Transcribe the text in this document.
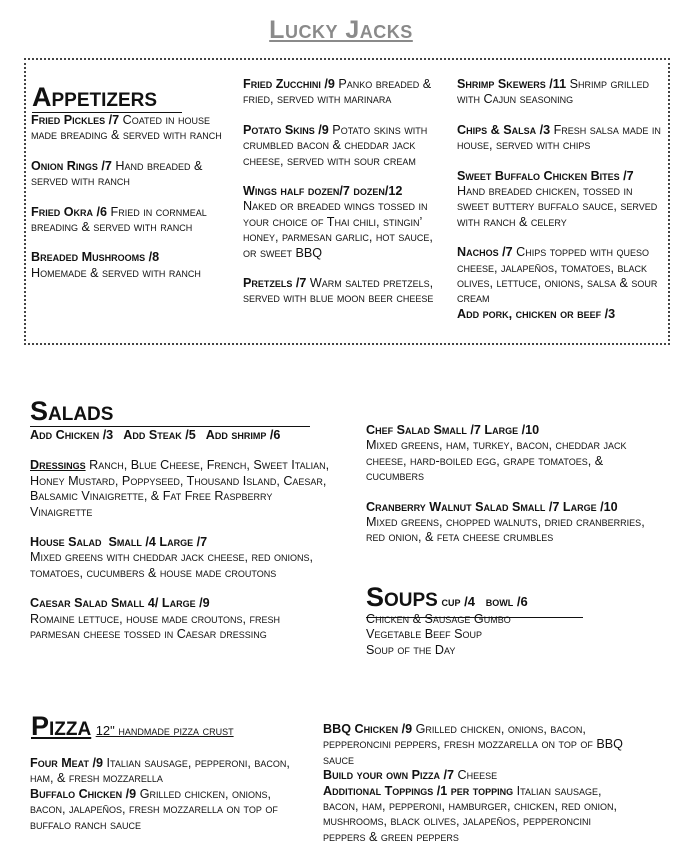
Lucky Jacks
Appetizers
Fried Pickles /7 Coated in house made breading & served with ranch
Onion Rings /7 Hand breaded & served with ranch
Fried Okra /6 Fried in cornmeal breading & served with ranch
Breaded Mushrooms /8
Homemade & served with ranch
Fried Zucchini /9 Panko breaded & fried, served with marinara
Potato Skins /9 Potato skins with crumbled bacon & cheddar jack cheese, served with sour cream
Wings half dozen/7 dozen/12
Naked or breaded wings tossed in your choice of Thai chili, stingin’ honey, parmesan garlic, hot sauce, or sweet BBQ
Pretzels /7 Warm salted pretzels, served with blue moon beer cheese
Shrimp Skewers /11 Shrimp grilled with Cajun seasoning
Chips & Salsa /3 Fresh salsa made in house, served with chips
Sweet Buffalo Chicken Bites /7
Hand breaded chicken, tossed in sweet buttery buffalo sauce, served with ranch & celery
Nachos /7 Chips topped with queso cheese, jalapeños, tomatoes, black olives, lettuce, onions, salsa & sour cream
Add pork, chicken or beef /3
Salads
Add Chicken /3   Add Steak /5   Add shrimp /6
Dressings Ranch, Blue Cheese, French, Sweet Italian, Honey Mustard, Poppyseed, Thousand Island, Caesar, Balsamic Vinaigrette, & Fat Free Raspberry Vinaigrette
House Salad  Small /4 Large /7
Mixed greens with cheddar jack cheese, red onions, tomatoes, cucumbers & house made croutons
Caesar Salad Small 4/ Large /9
Romaine lettuce, house made croutons, fresh parmesan cheese tossed in Caesar dressing
Chef Salad Small /7 Large /10
Mixed greens, ham, turkey, bacon, cheddar jack cheese, hard-boiled egg, grape tomatoes, & cucumbers
Cranberry Walnut Salad Small /7 Large /10
Mixed greens, chopped walnuts, dried cranberries, red onion, & feta cheese crumbles
Soups cup /4   bowl /6
Chicken & Sausage Gumbo
Vegetable Beef Soup
Soup of the Day
Pizza 12" handmade pizza crust
Four Meat /9 Italian sausage, pepperoni, bacon, ham, & fresh mozzarella
Buffalo Chicken /9 Grilled chicken, onions, bacon, jalapeños, fresh mozzarella on top of buffalo ranch sauce
BBQ Chicken /9 Grilled chicken, onions, bacon, pepperoncini peppers, fresh mozzarella on top of BBQ sauce
Build your own Pizza /7 Cheese
Additional Toppings /1 per topping Italian sausage, bacon, ham, pepperoni, hamburger, chicken, red onion, mushrooms, black olives, jalapeños, pepperoncini peppers & green peppers
